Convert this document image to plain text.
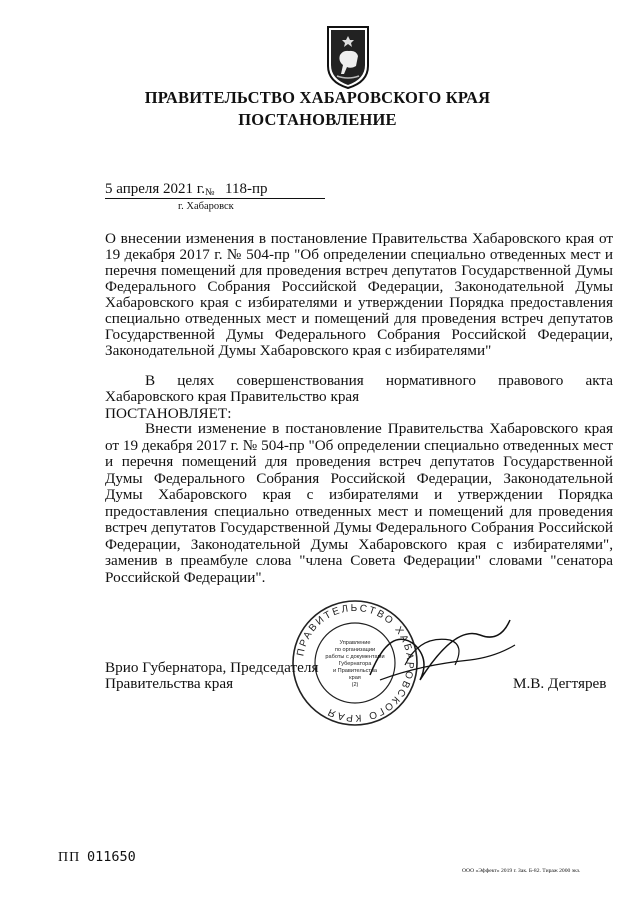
ПРАВИТЕЛЬСТВО ХАБАРОВСКОГО КРАЯ
ПОСТАНОВЛЕНИЕ
5 апреля 2021 г. № 118-пр
г. Хабаровск
О внесении изменения в постановление Правительства Хабаровского края от 19 декабря 2017 г. № 504-пр "Об определении специально отведенных мест и перечня помещений для проведения встреч депутатов Государственной Думы Федерального Собрания Российской Федерации, Законодательной Думы Хабаровского края с избирателями и утверждении Порядка предоставления специально отведенных мест и помещений для проведения встреч депутатов Государственной Думы Федерального Собрания Российской Федерации, Законодательной Думы Хабаровского края с избирателями"
В целях совершенствования нормативного правового акта Хабаровского края Правительство края
ПОСТАНОВЛЯЕТ:
Внести изменение в постановление Правительства Хабаровского края от 19 декабря 2017 г. № 504-пр "Об определении специально отведенных мест и перечня помещений для проведения встреч депутатов Государственной Думы Федерального Собрания Российской Федерации, Законодательной Думы Хабаровского края с избирателями и утверждении Порядка предоставления специально отведенных мест и помещений для проведения встреч депутатов Государственной Думы Федерального Собрания Российской Федерации, Законодательной Думы Хабаровского края с избирателями", заменив в преамбуле слова "члена Совета Федерации" словами "сенатора Российской Федерации".
ПРАВИТЕЛЬСТВО ХАБАРОВСКОГО КРАЯ
Управление
по организации
работы с документами
Губернатора
и Правительства
края
(2)
Врио Губернатора, Председателя
Правительства края	М.В. Дегтярев
ПП 011650
ООО «Эффект» 2019 г. Зак. Б-82. Тираж 2000 экз.
